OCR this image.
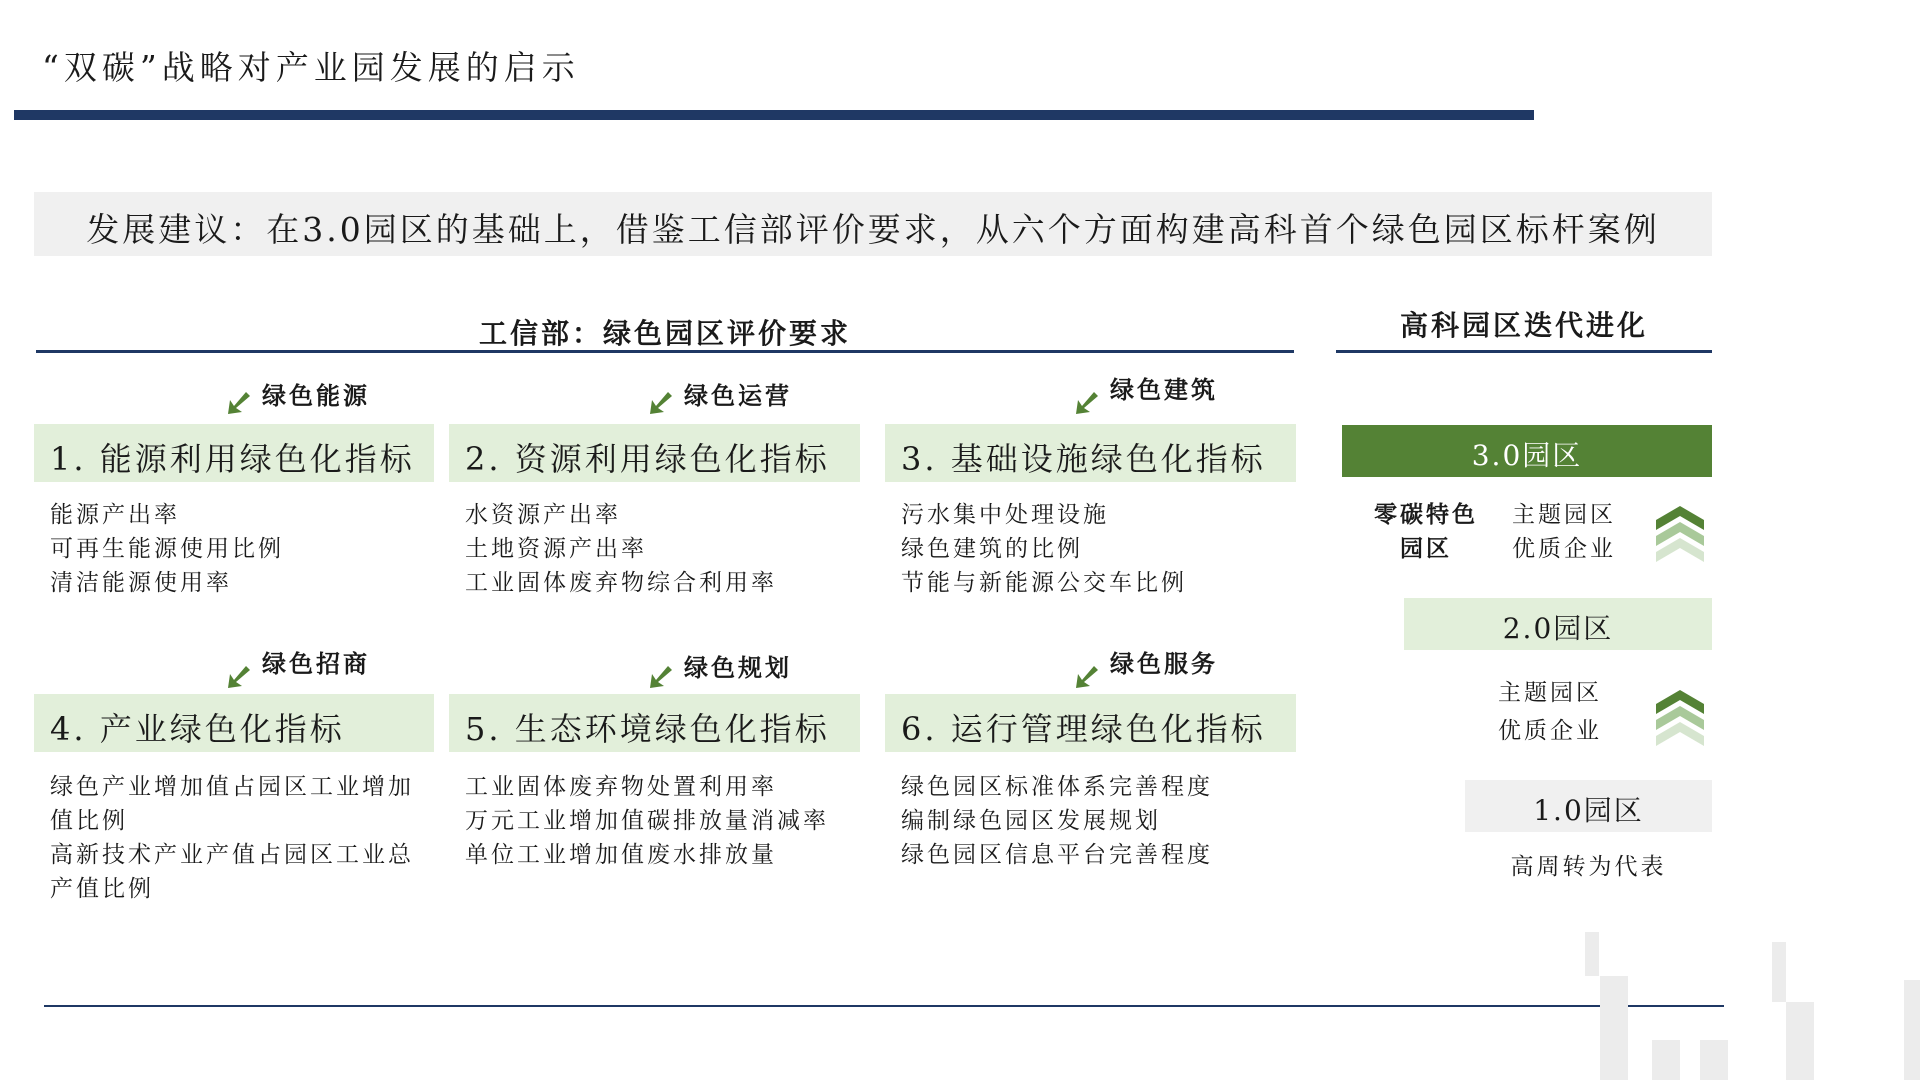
“双碳”战略对产业园发展的启示
发展建议：在3.0园区的基础上，借鉴工信部评价要求，从六个方面构建高科首个绿色园区标杆案例
工信部：绿色园区评价要求	高科园区迭代进化
绿色能源	绿色运营	绿色建筑
1. 能源利用绿色化指标 2. 资源利用绿色化指标 3. 基础设施绿色化指标
能源产出率
可再生能源使用比例
清洁能源使用率
水资源产出率
土地资源产出率
工业固体废弃物综合利用率
污水集中处理设施
绿色建筑的比例
节能与新能源公交车比例
绿色招商	绿色规划	绿色服务
4. 产业绿色化指标	5. 生态环境绿色化指标 6. 运行管理绿色化指标
绿色产业增加值占园区工业增加值比例
高新技术产业产值占园区工业总产值比例
工业固体废弃物处置利用率
万元工业增加值碳排放量消减率
单位工业增加值废水排放量
绿色园区标准体系完善程度
编制绿色园区发展规划
绿色园区信息平台完善程度
3.0园区
零碳特色
园区
主题园区
优质企业
2.0园区
主题园区
优质企业
1.0园区
高周转为代表
